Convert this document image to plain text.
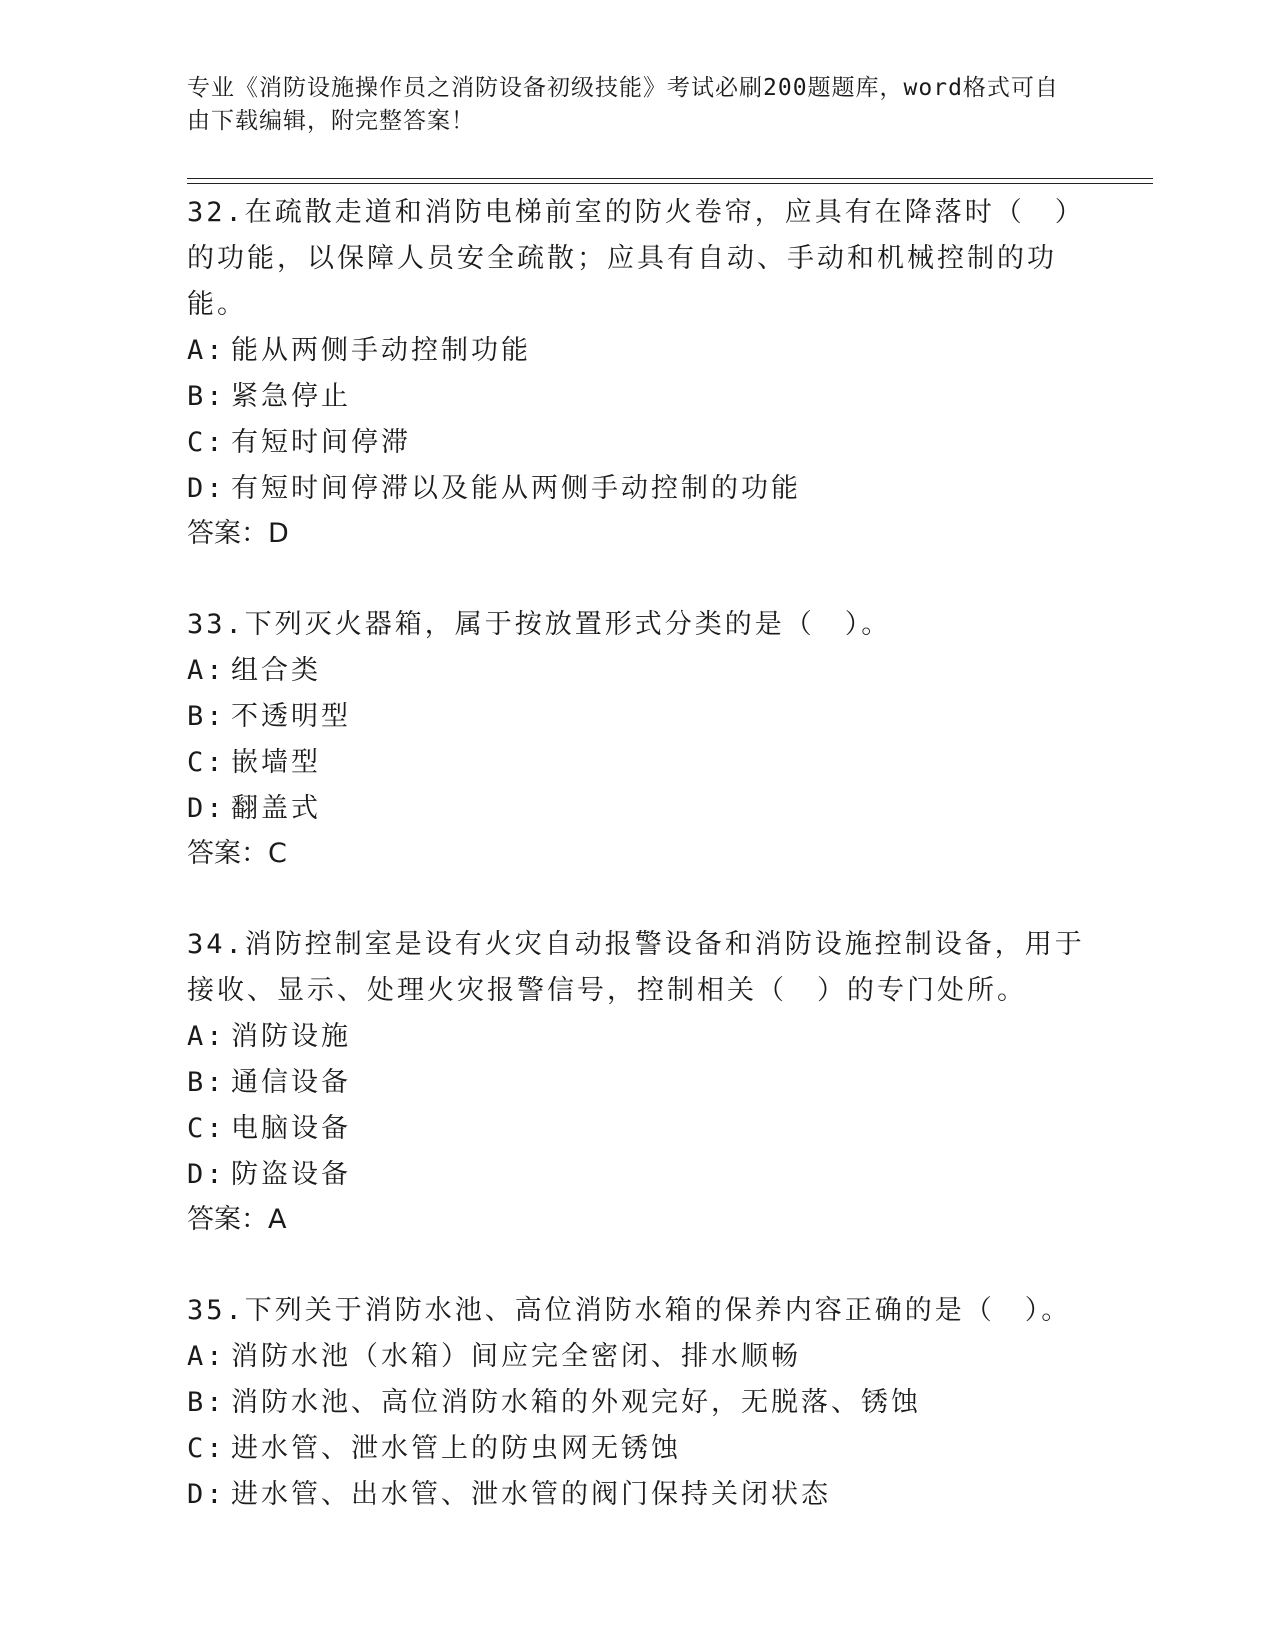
专业《消防设施操作员之消防设备初级技能》考试必刷200题题库，word格式可自由下载编辑，附完整答案！

32.在疏散走道和消防电梯前室的防火卷帘，应具有在降落时（　）的功能，以保障人员安全疏散；应具有自动、手动和机械控制的功能。

A: 能从两侧手动控制功能

B: 紧急停止

C: 有短时间停滞

D: 有短时间停滞以及能从两侧手动控制的功能

答案：D

33.下列灭火器箱，属于按放置形式分类的是（　）。

A: 组合类

B: 不透明型

C: 嵌墙型

D: 翻盖式

答案：C

34.消防控制室是设有火灾自动报警设备和消防设施控制设备，用于接收、显示、处理火灾报警信号，控制相关（　）的专门处所。

A: 消防设施

B: 通信设备

C: 电脑设备

D: 防盗设备

答案：A

35.下列关于消防水池、高位消防水箱的保养内容正确的是（　）。

A: 消防水池（水箱）间应完全密闭、排水顺畅

B: 消防水池、高位消防水箱的外观完好，无脱落、锈蚀

C: 进水管、泄水管上的防虫网无锈蚀

D: 进水管、出水管、泄水管的阀门保持关闭状态
